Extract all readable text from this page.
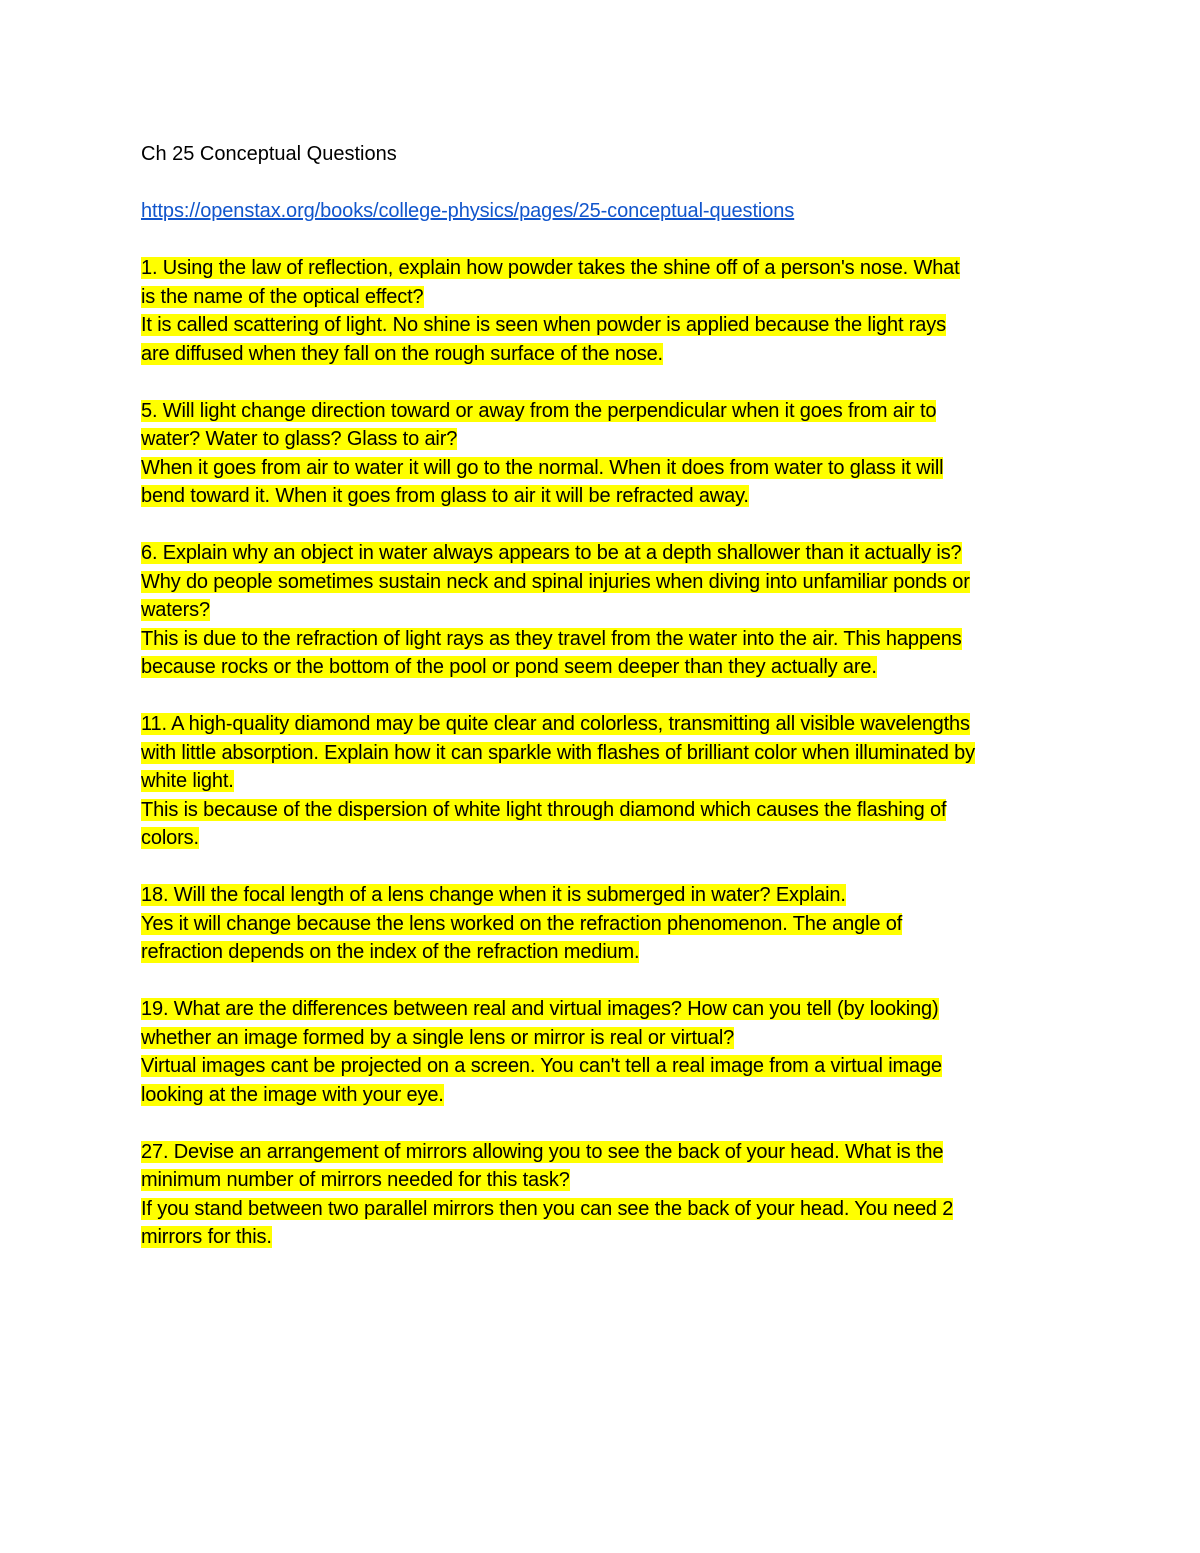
Ch 25 Conceptual Questions
https://openstax.org/books/college-physics/pages/25-conceptual-questions
1. Using the law of reflection, explain how powder takes the shine off of a person's nose. What
is the name of the optical effect?
It is called scattering of light. No shine is seen when powder is applied because the light rays
are diffused when they fall on the rough surface of the nose.
5. Will light change direction toward or away from the perpendicular when it goes from air to
water? Water to glass? Glass to air?
When it goes from air to water it will go to the normal. When it does from water to glass it will
bend toward it. When it goes from glass to air it will be refracted away.
6. Explain why an object in water always appears to be at a depth shallower than it actually is?
Why do people sometimes sustain neck and spinal injuries when diving into unfamiliar ponds or
waters?
This is due to the refraction of light rays as they travel from the water into the air. This happens
because rocks or the bottom of the pool or pond seem deeper than they actually are.
11. A high-quality diamond may be quite clear and colorless, transmitting all visible wavelengths
with little absorption. Explain how it can sparkle with flashes of brilliant color when illuminated by
white light.
This is because of the dispersion of white light through diamond which causes the flashing of
colors.
18. Will the focal length of a lens change when it is submerged in water? Explain.
Yes it will change because the lens worked on the refraction phenomenon. The angle of
refraction depends on the index of the refraction medium.
19. What are the differences between real and virtual images? How can you tell (by looking)
whether an image formed by a single lens or mirror is real or virtual?
Virtual images cant be projected on a screen. You can't tell a real image from a virtual image
looking at the image with your eye.
27. Devise an arrangement of mirrors allowing you to see the back of your head. What is the
minimum number of mirrors needed for this task?
If you stand between two parallel mirrors then you can see the back of your head. You need 2
mirrors for this.
